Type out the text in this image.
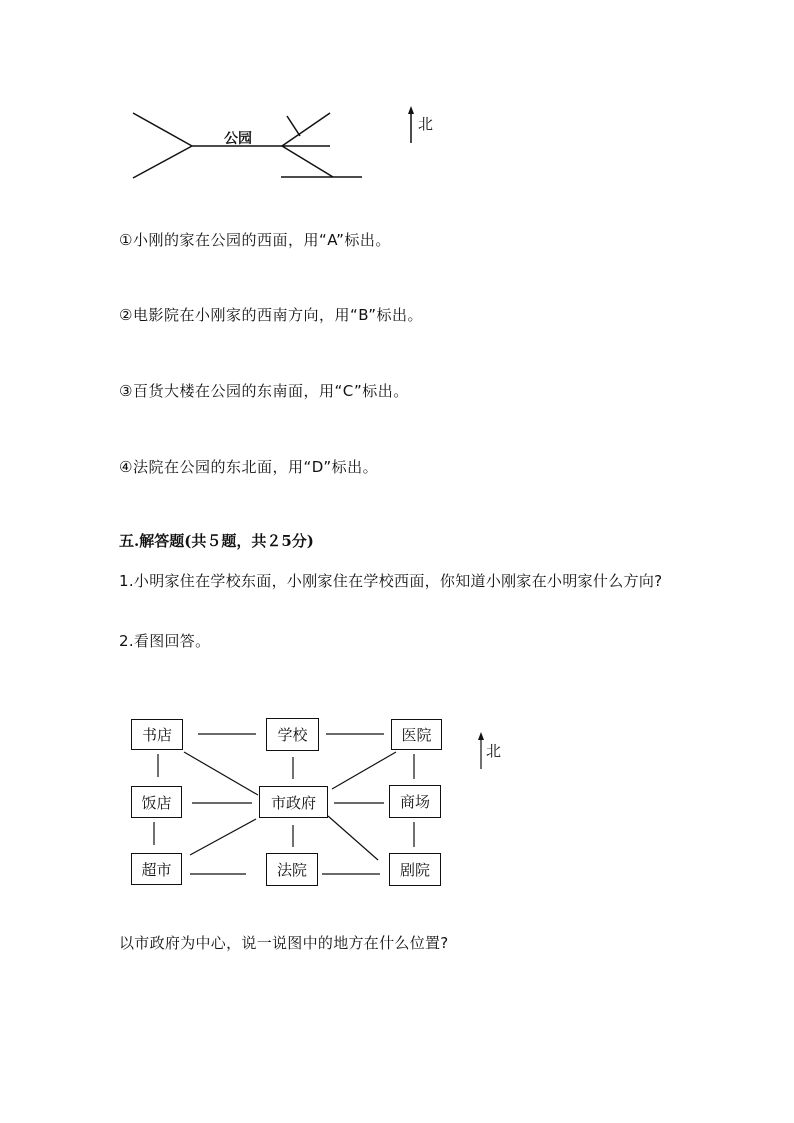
公园
北
①小刚的家在公园的西面，用“A”标出。
②电影院在小刚家的西南方向，用“B”标出。
③百货大楼在公园的东南面，用“C”标出。
④法院在公园的东北面，用“D”标出。
五.解答题(共５题，共２5分)
1.小明家住在学校东面，小刚家住在学校西面，你知道小刚家在小明家什么方向?
2.看图回答。
书店	学校	医院
饭店	市政府	商场
超市	法院	剧院
北
以市政府为中心，说一说图中的地方在什么位置?
